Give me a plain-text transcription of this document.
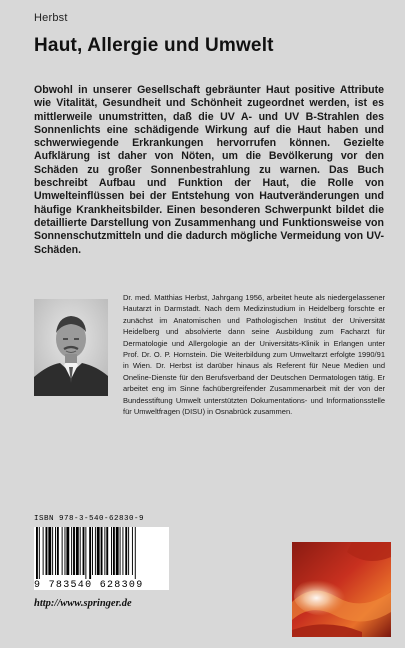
Herbst
Haut, Allergie und Umwelt

Obwohl in unserer Gesellschaft gebräunter Haut positive Attribute wie Vitalität, Gesundheit und Schönheit zugeordnet werden, ist es mittlerweile unumstritten, daß die UV A- und UV B-Strahlen des Sonnenlichts eine schädigende Wirkung auf die Haut haben und schwerwiegende Erkrankungen hervorrufen können. Gezielte Aufklärung ist daher von Nöten, um die Bevölkerung vor den Schäden zu großer Sonnenbestrahlung zu warnen. Das Buch beschreibt Aufbau und Funktion der Haut, die Rolle von Umwelteinflüssen bei der Entstehung von Hautveränderungen und häufige Krankheitsbilder. Einen besonderen Schwerpunkt bildet die detaillierte Darstellung von Zusammenhang und Funktionsweise von Sonnenschutzmitteln und die dadurch mögliche Vermeidung von UV-Schäden.

Dr. med. Matthias Herbst, Jahrgang 1956, arbeitet heute als niedergelassener Hautarzt in Darmstadt. Nach dem Medizinstudium in Heidelberg forschte er zunächst im Anatomischen und Pathologischen Institut der Universität Heidelberg und absolvierte dann seine Ausbildung zum Facharzt für Dermatologie und Allergologie an der Universitäts-Klinik in Erlangen unter Prof. Dr. O. P. Hornstein. Die Weiterbildung zum Umweltarzt erfolgte 1990/91 in Wien. Dr. Herbst ist darüber hinaus als Referent für Neue Medien und Oneline-Dienste für den Berufsverband der Deutschen Dermatologen tätig. Er arbeitet eng im Sinne fachübergreifender Zusammenarbeit mit der von der Bundesstiftung Umwelt unterstützten Dokumentations- und Informationsstelle für Umweltfragen (DISU) in Osnabrück zusammen.

ISBN 978-3-540-62830-9
9 783540 628309
http://www.springer.de
